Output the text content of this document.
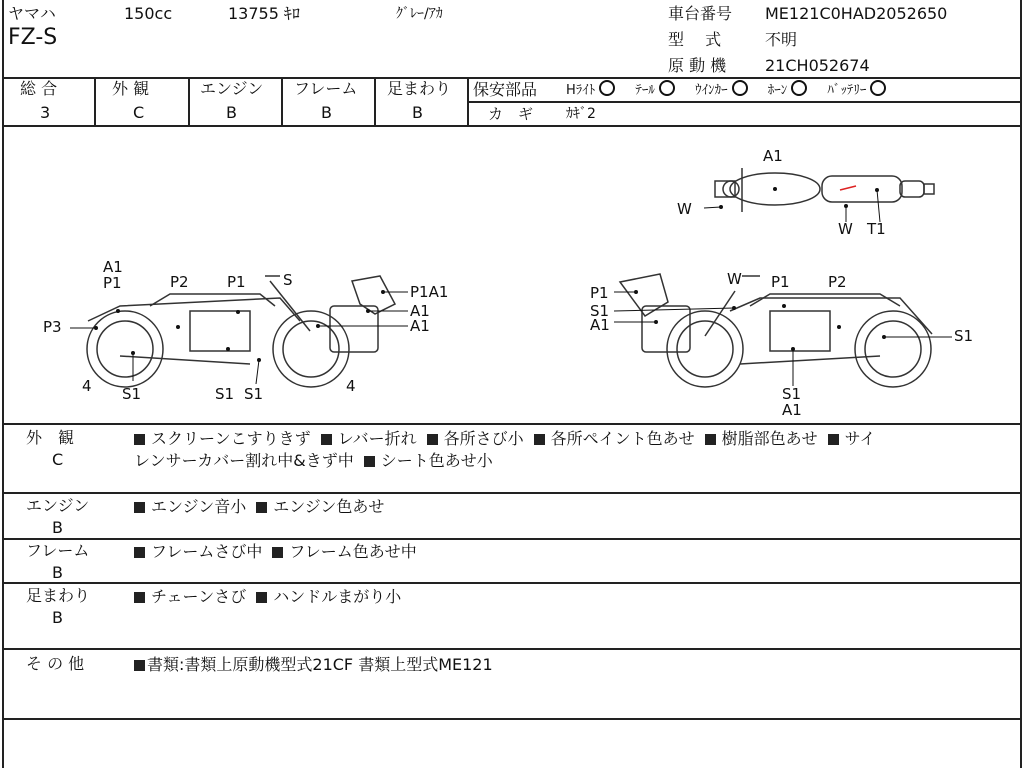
ヤマハ	150cc	13755 ｷﾛ	ｸﾞﾚｰ/ｱｶ
FZ-S
車台番号 ME121C0HAD2052650
型　 式	不明
原 動 機 21CH052674
総 合
3
外 観
C
エンジン
B
フレーム
B
足まわり
B
保安部品 Hﾗｲﾄ	ﾃｰﾙ	ｳｲﾝｶｰ	ﾎｰﾝ	ﾊﾞｯﾃﾘｰ
カ　ギ ｶｷﾞ2
A1
W
W T1
A1
P1	P2	P1 S
P3
P1A1
A1
A1
4 S1	S1 S1	4
W P1	P2
P1
S1
A1
S1
S1
A1
外　観
C
スクリーンこすりきず レバー折れ 各所さび小 各所ペイント色あせ 樹脂部色あせ サイ
レンサーカバー割れ中&きず中 シート色あせ小
エンジン
B
エンジン音小 エンジン色あせ
フレーム
B
フレームさび中 フレーム色あせ中
足まわり
B
チェーンさび ハンドルまがり小
そ の 他	書類:書類上原動機型式21CF 書類上型式ME121
